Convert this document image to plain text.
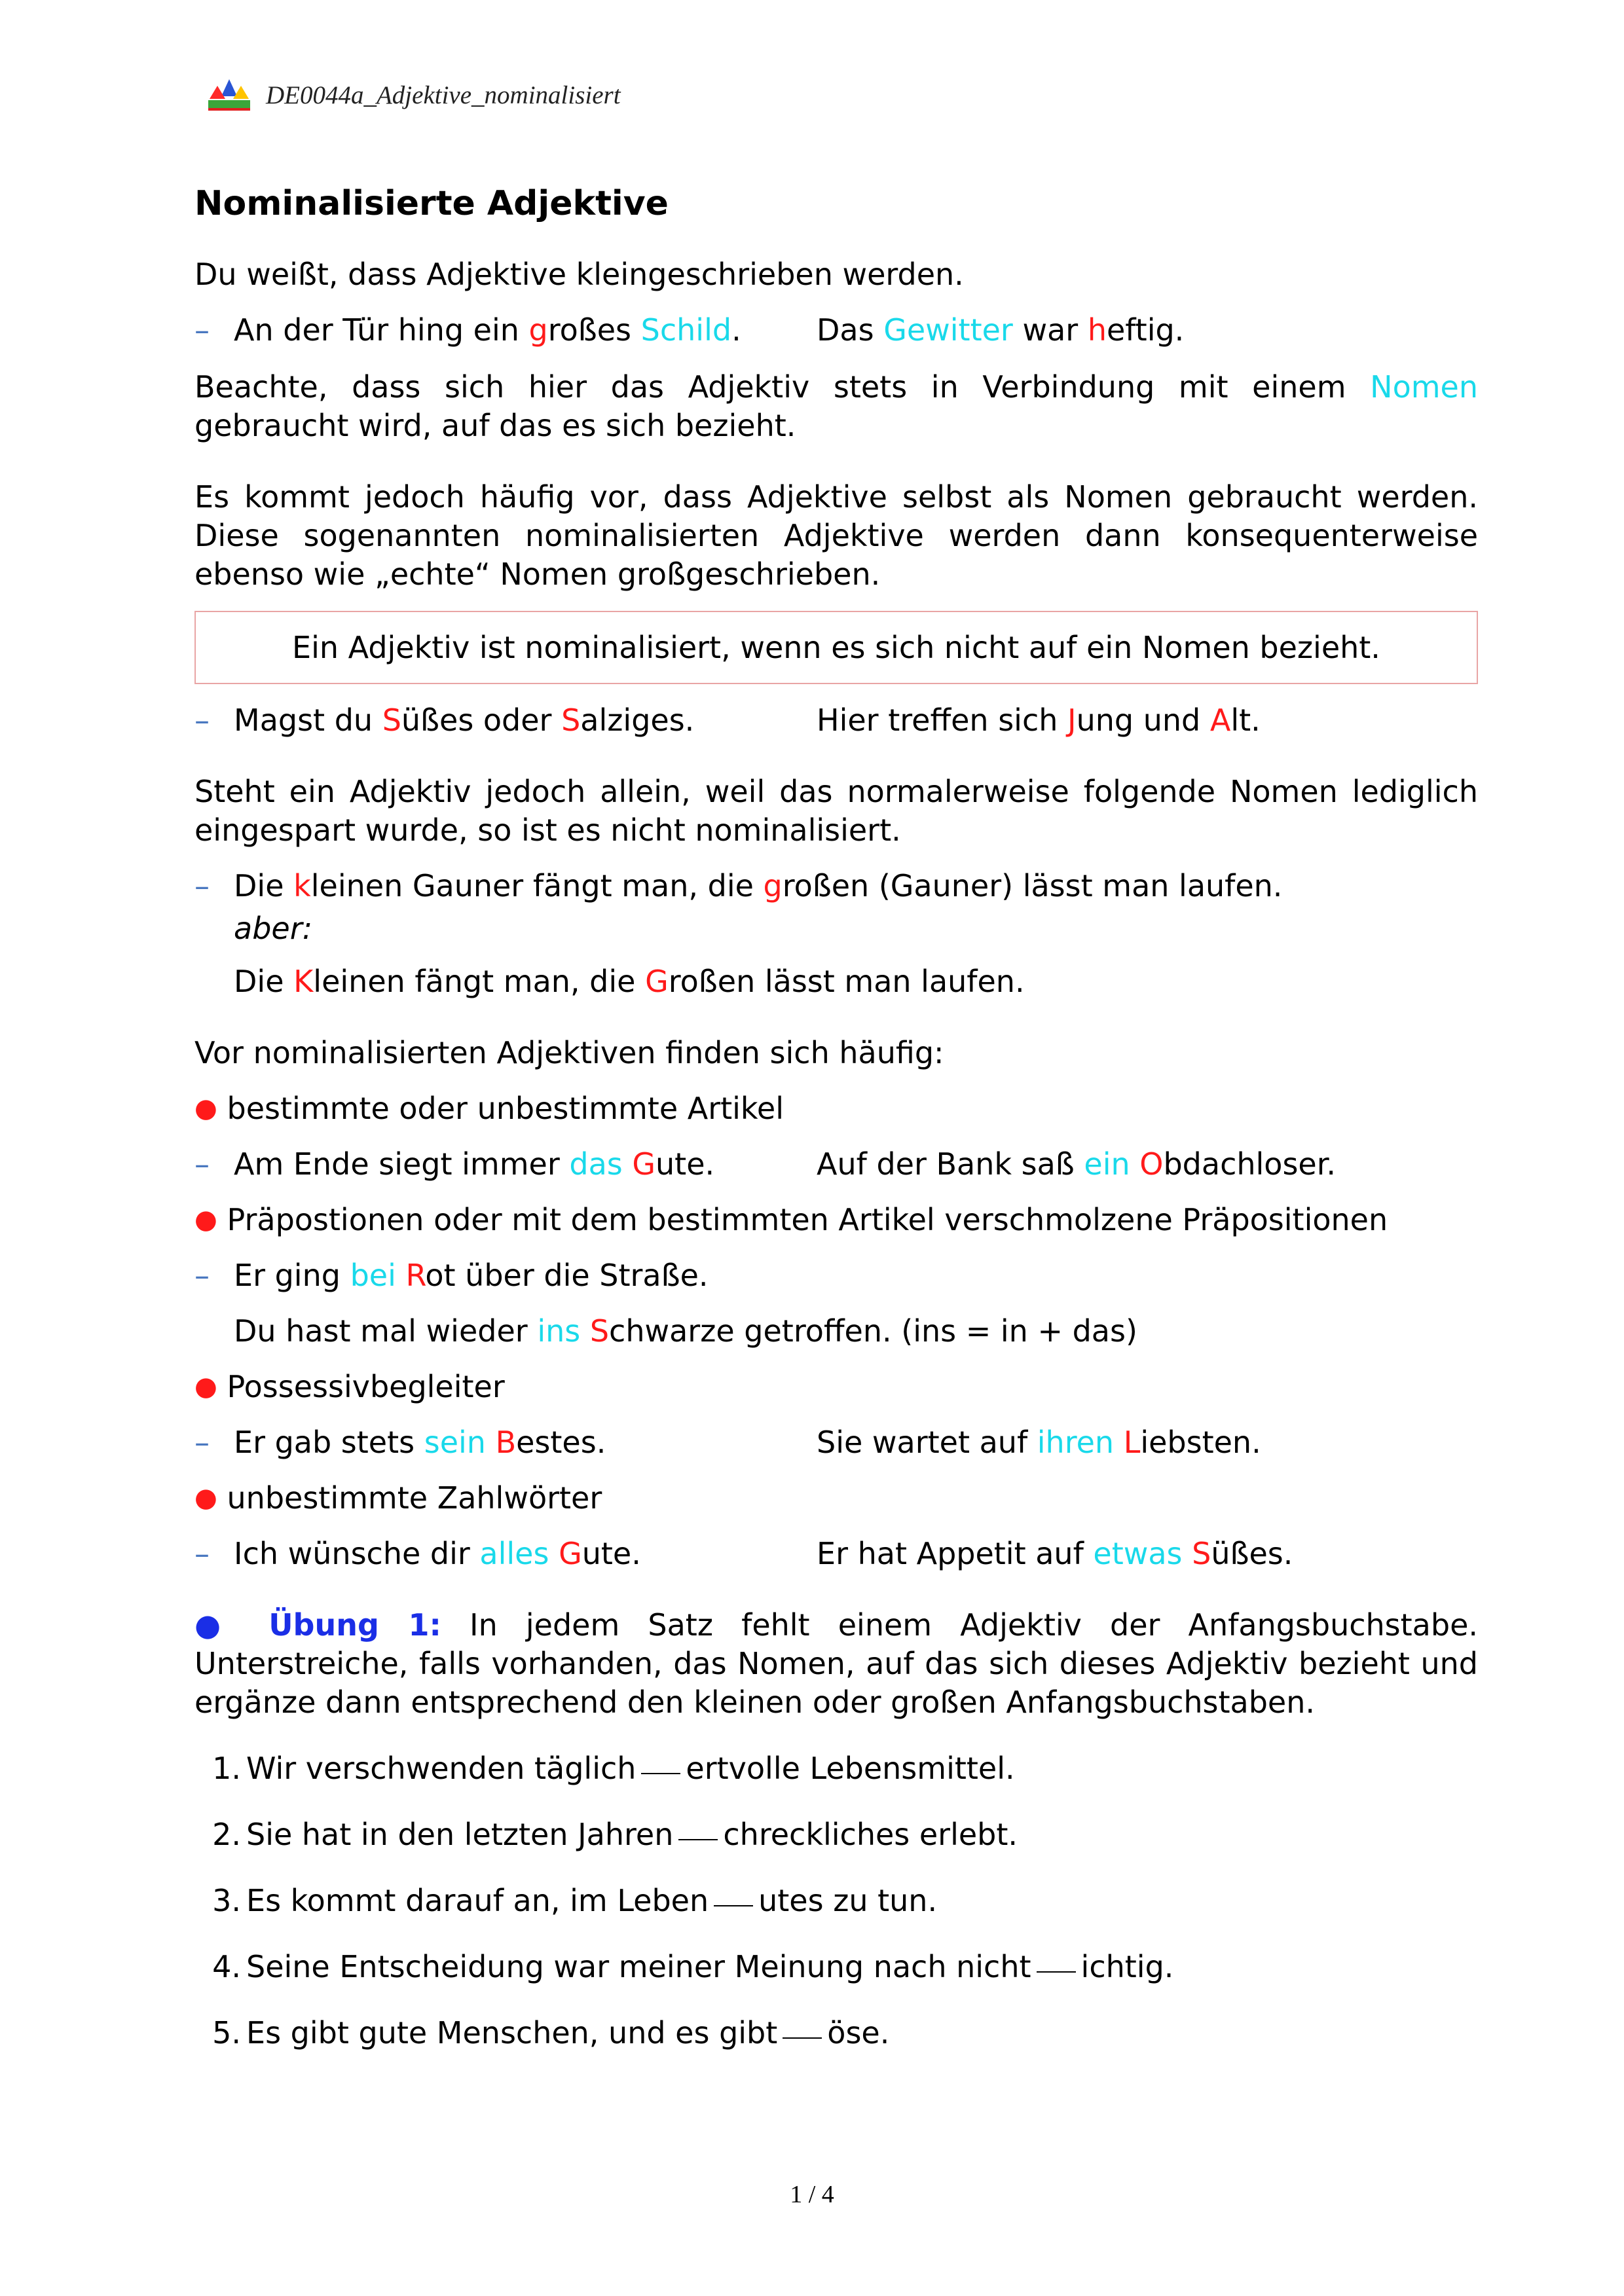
DE0044a_Adjektive_nominalisiert
Nominalisierte Adjektive

Du weißt, dass Adjektive kleingeschrieben werden.

– An der Tür hing ein großes Schild.	Das Gewitter war heftig.

Beachte, dass sich hier das Adjektiv stets in Verbindung mit einem Nomen gebraucht wird, auf das es sich bezieht.

Es kommt jedoch häufig vor, dass Adjektive selbst als Nomen gebraucht werden. Diese sogenannten nominalisierten Adjektive werden dann konsequenterweise ebenso wie „echte“ Nomen großgeschrieben.

Ein Adjektiv ist nominalisiert, wenn es sich nicht auf ein Nomen bezieht.
– Magst du Süßes oder Salziges.	Hier treffen sich Jung und Alt.

Steht ein Adjektiv jedoch allein, weil das normalerweise folgende Nomen lediglich eingespart wurde, so ist es nicht nominalisiert.

– Die kleinen Gauner fängt man, die großen (Gauner) lässt man laufen.
aber:
Die Kleinen fängt man, die Großen lässt man laufen.

Vor nominalisierten Adjektiven finden sich häufig:

●
bestimmte oder unbestimmte Artikel
– Am Ende siegt immer das Gute.	Auf der Bank saß ein Obdachloser.
●
Präpostionen oder mit dem bestimmten Artikel verschmolzene Präpositionen
– Er ging bei Rot über die Straße.
Du hast mal wieder ins Schwarze getroffen. (ins = in + das)
●
Possessivbegleiter
– Er gab stets sein Bestes.	Sie wartet auf ihren Liebsten.
●
unbestimmte Zahlwörter
– Ich wünsche dir alles Gute.	Er hat Appetit auf etwas Süßes.

● Übung 1: In jedem Satz fehlt einem Adjektiv der Anfangsbuchstabe. Unterstreiche, falls vorhanden, das Nomen, auf das sich dieses Adjektiv bezieht und ergänze dann entsprechend den kleinen oder großen Anfangsbuchstaben.

1. Wir verschwenden täglich ertvolle Lebensmittel.
2. Sie hat in den letzten Jahren chreckliches erlebt.
3. Es kommt darauf an, im Leben utes zu tun.
4. Seine Entscheidung war meiner Meinung nach nicht ichtig.
5. Es gibt gute Menschen, und es gibt öse.
1 / 4
